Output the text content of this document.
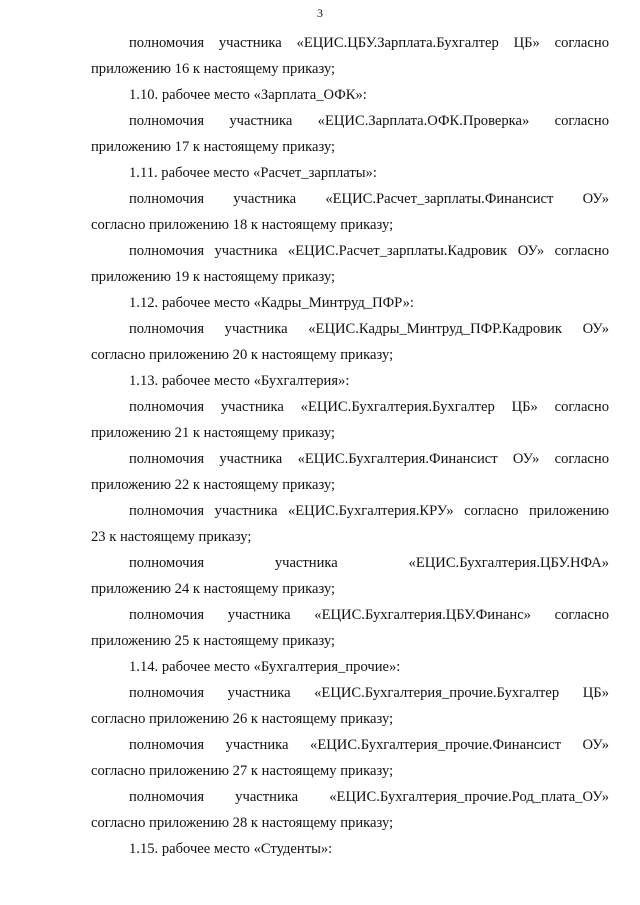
3
полномочия участника «ЕЦИС.ЦБУ.Зарплата.Бухгалтер ЦБ» согласно
приложению 16 к настоящему приказу;
1.10. рабочее место «Зарплата_ОФК»:
полномочия участника «ЕЦИС.Зарплата.ОФК.Проверка» согласно
приложению 17 к настоящему приказу;
1.11. рабочее место «Расчет_зарплаты»:
полномочия участника «ЕЦИС.Расчет_зарплаты.Финансист ОУ»
согласно приложению 18 к настоящему приказу;
полномочия участника «ЕЦИС.Расчет_зарплаты.Кадровик ОУ» согласно
приложению 19 к настоящему приказу;
1.12. рабочее место «Кадры_Минтруд_ПФР»:
полномочия участника «ЕЦИС.Кадры_Минтруд_ПФР.Кадровик ОУ»
согласно приложению 20 к настоящему приказу;
1.13. рабочее место «Бухгалтерия»:
полномочия участника «ЕЦИС.Бухгалтерия.Бухгалтер ЦБ» согласно
приложению 21 к настоящему приказу;
полномочия участника «ЕЦИС.Бухгалтерия.Финансист ОУ» согласно
приложению 22 к настоящему приказу;
полномочия участника «ЕЦИС.Бухгалтерия.КРУ» согласно приложению
23 к настоящему приказу;
полномочия участника «ЕЦИС.Бухгалтерия.ЦБУ.НФА»
приложению 24 к настоящему приказу;
полномочия участника «ЕЦИС.Бухгалтерия.ЦБУ.Финанс» согласно
приложению 25 к настоящему приказу;
1.14. рабочее место «Бухгалтерия_прочие»:
полномочия участника «ЕЦИС.Бухгалтерия_прочие.Бухгалтер ЦБ»
согласно приложению 26 к настоящему приказу;
полномочия участника «ЕЦИС.Бухгалтерия_прочие.Финансист ОУ»
согласно приложению 27 к настоящему приказу;
полномочия участника «ЕЦИС.Бухгалтерия_прочие.Род_плата_ОУ»
согласно приложению 28 к настоящему приказу;
1.15. рабочее место «Студенты»:
